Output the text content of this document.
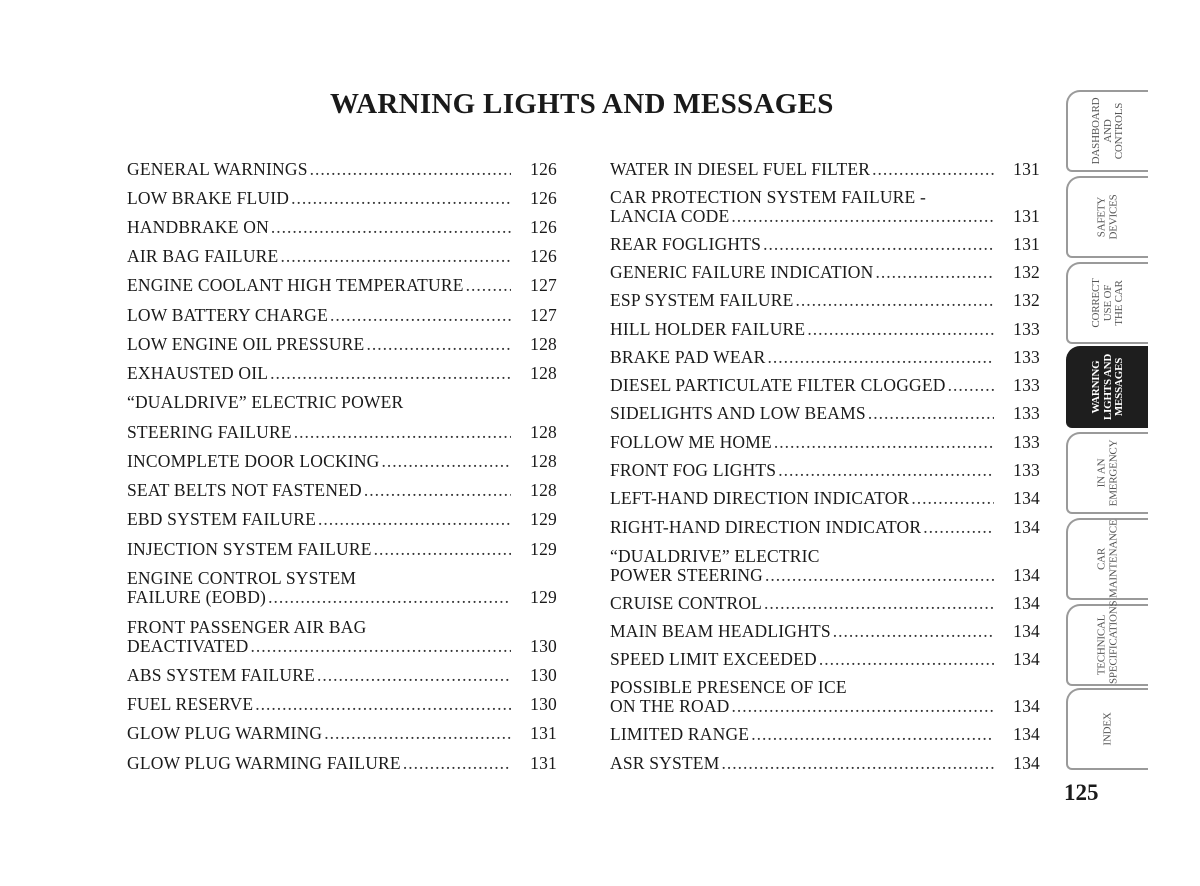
WARNING LIGHTS AND MESSAGES
GENERAL WARNINGS .....	126
LOW BRAKE FLUID .....	126
HANDBRAKE ON .....	126
AIR BAG FAILURE .....	126
ENGINE COOLANT HIGH TEMPERATURE .....	127
LOW BATTERY CHARGE .....	127
LOW ENGINE OIL PRESSURE .....	128
EXHAUSTED OIL .....	128
“DUALDRIVE” ELECTRIC POWER
STEERING FAILURE .....	128
INCOMPLETE DOOR LOCKING .....	128
SEAT BELTS NOT FASTENED .....	128
EBD SYSTEM FAILURE .....	129
INJECTION SYSTEM FAILURE .....	129
ENGINE CONTROL SYSTEM
FAILURE (EOBD) .....	129
FRONT PASSENGER AIR BAG
DEACTIVATED .....	130
ABS SYSTEM FAILURE .....	130
FUEL RESERVE .....	130
GLOW PLUG WARMING .....	131
GLOW PLUG WARMING FAILURE .....	131
WATER IN DIESEL FUEL FILTER .....	131
CAR PROTECTION SYSTEM FAILURE -
LANCIA CODE .....	131
REAR FOGLIGHTS .....	131
GENERIC FAILURE INDICATION .....	132
ESP SYSTEM FAILURE .....	132
HILL HOLDER FAILURE .....	133
BRAKE PAD WEAR .....	133
DIESEL PARTICULATE FILTER CLOGGED .....	133
SIDELIGHTS AND LOW BEAMS .....	133
FOLLOW ME HOME .....	133
FRONT FOG LIGHTS .....	133
LEFT-HAND DIRECTION INDICATOR .....	134
RIGHT-HAND DIRECTION INDICATOR .....	134
“DUALDRIVE” ELECTRIC
POWER STEERING .....	134
CRUISE CONTROL .....	134
MAIN BEAM HEADLIGHTS .....	134
SPEED LIMIT EXCEEDED .....	134
POSSIBLE PRESENCE OF ICE
ON THE ROAD .....	134
LIMITED RANGE .....	134
ASR SYSTEM .....	134
DASHBOARD
AND CONTROLS
SAFETY
DEVICES
CORRECT
USE OF
THE CAR
WARNING
LIGHTS AND
MESSAGES
IN AN
EMERGENCY
CAR
MAINTENANCE
TECHNICAL
SPECIFICATIONS
INDEX
125
